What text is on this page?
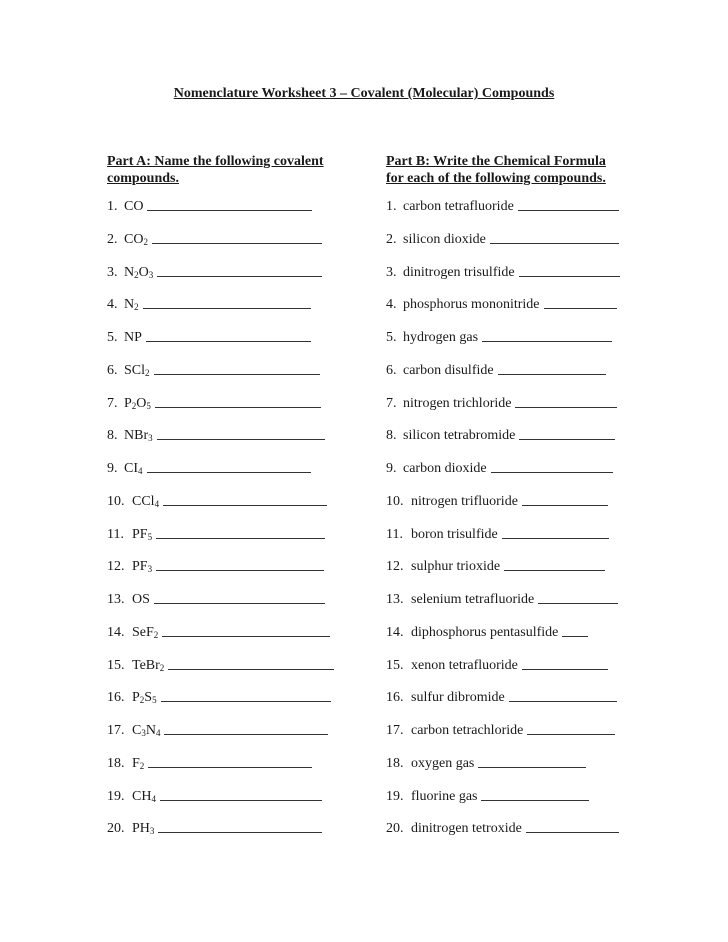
Nomenclature Worksheet 3 – Covalent (Molecular) Compounds
Part A: Name the following covalent
compounds.
Part B: Write the Chemical Formula
for each of the following compounds.
1. CO
2. $CO_2$
3. $N_2O_3$
4. $N_2$
5. NP
6. SCl$_2$
7. $P_2O_5$
8. NBr$_3$
9. $CI_4$
10. CCl$_4$
11. $PF_5$
12. $PF_3$
13. OS
14. SeF$_2$
15. TeBr$_2$
16. $P_2S_5$
17. $C_3N_4$
18. $F_2$
19. $CH_4$
20. $PH_3$
1. carbon tetrafluoride
2. silicon dioxide
3. dinitrogen trisulfide
4. phosphorus mononitride
5. hydrogen gas
6. carbon disulfide
7. nitrogen trichloride
8. silicon tetrabromide
9. carbon dioxide
10. nitrogen trifluoride
11. boron trisulfide
12. sulphur trioxide
13. selenium tetrafluoride
14. diphosphorus pentasulfide
15. xenon tetrafluoride
16. sulfur dibromide
17. carbon tetrachloride
18. oxygen gas
19. fluorine gas
20. dinitrogen tetroxide
